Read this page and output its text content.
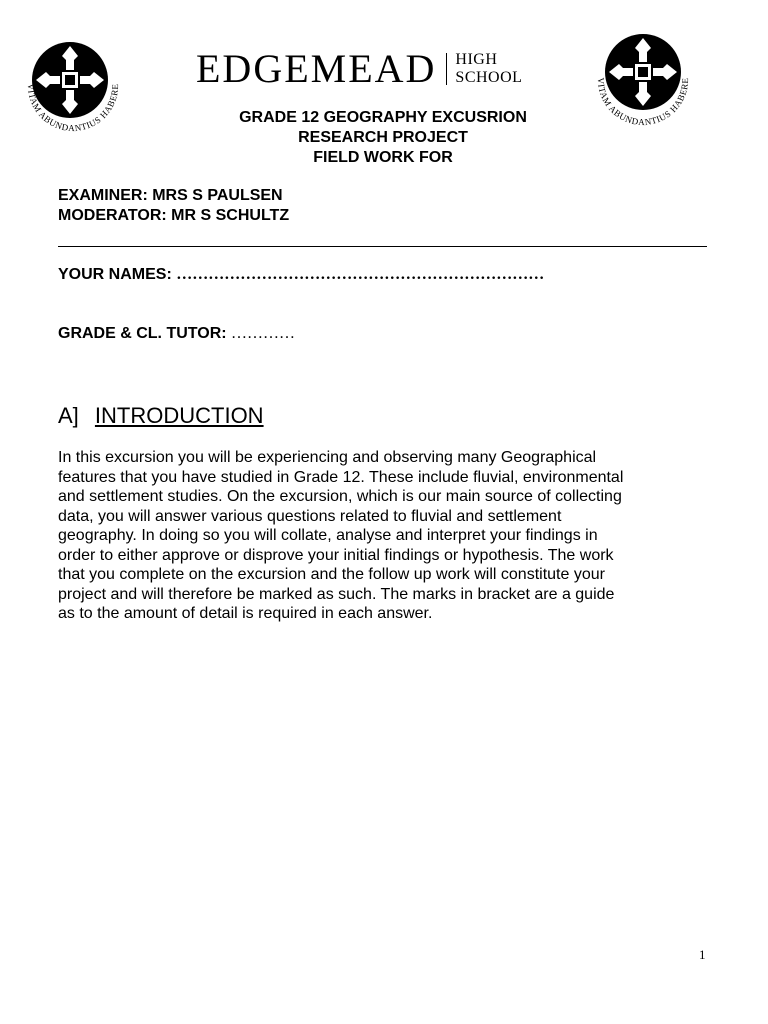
VITAM ABUNDANTIUS HABERE EDGEMEAD HIGH
SCHOOL	VITAM ABUNDANTIUS HABERE
GRADE 12 GEOGRAPHY EXCUSRION
RESEARCH PROJECT
FIELD WORK FOR
EXAMINER: MRS S PAULSEN
MODERATOR: MR S SCHULTZ
YOUR NAMES: ……………………………………………………………
GRADE & CL. TUTOR: …………
A] INTRODUCTION
In this excursion you will be experiencing and observing many Geographical
features that you have studied in Grade 12. These include fluvial, environmental
and settlement studies. On the excursion, which is our main source of collecting
data, you will answer various questions related to fluvial and settlement
geography. In doing so you will collate, analyse and interpret your findings in
order to either approve or disprove your initial findings or hypothesis. The work
that you complete on the excursion and the follow up work will constitute your
project and will therefore be marked as such. The marks in bracket are a guide
as to the amount of detail is required in each answer.
1
